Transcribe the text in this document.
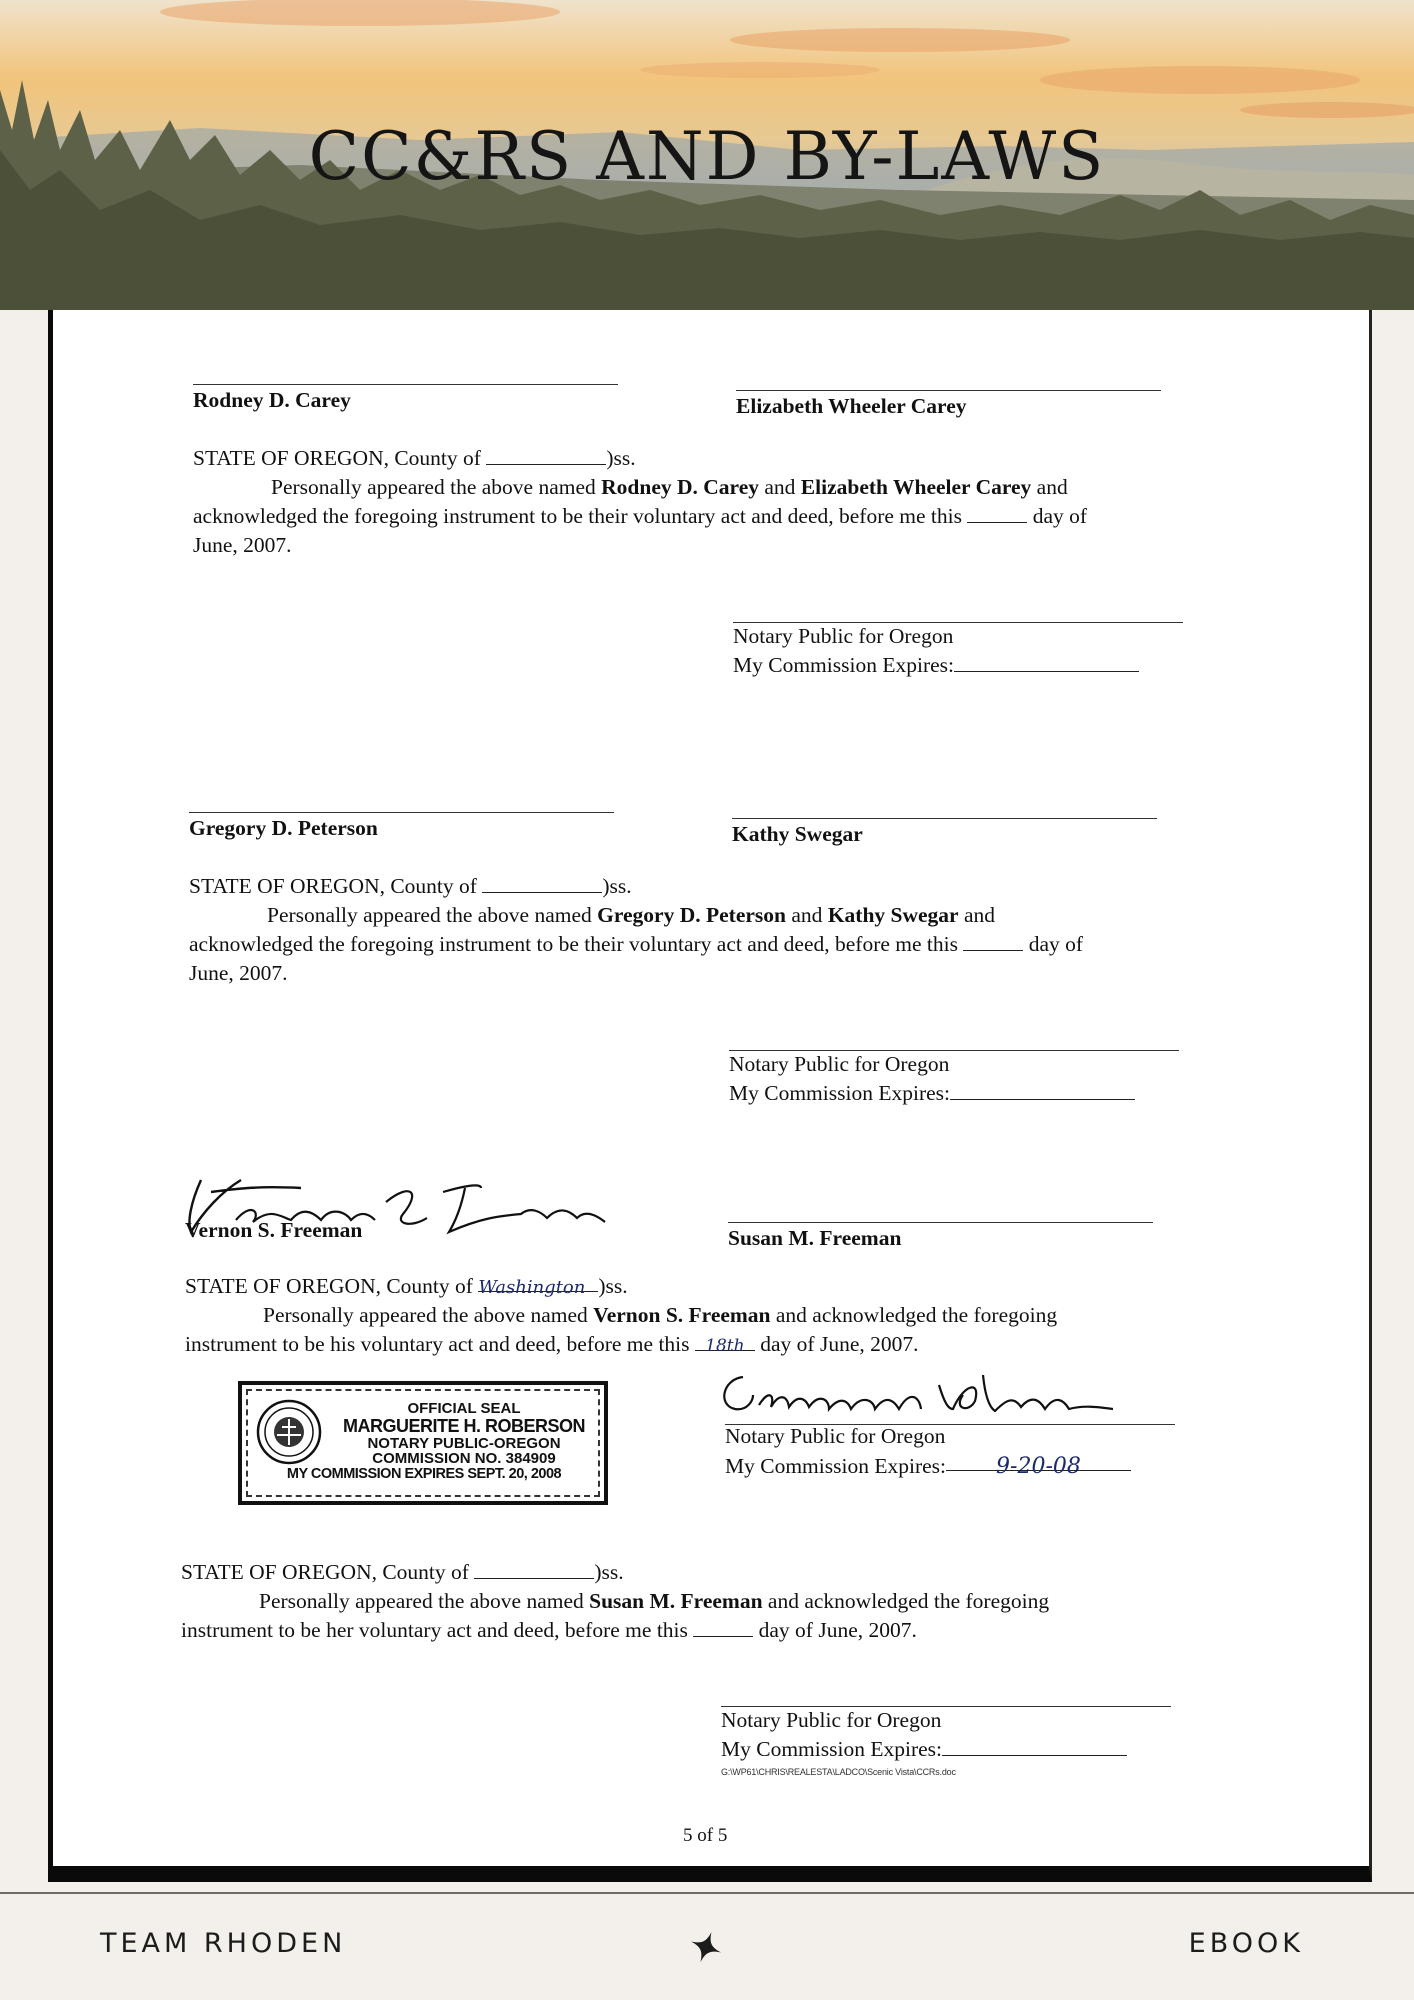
CC&RS AND BY-LAWS
Rodney D. Carey	Elizabeth Wheeler Carey
STATE OF OREGON, County of	)ss.
Personally appeared the above named Rodney D. Carey and Elizabeth Wheeler Carey and
acknowledged the foregoing instrument to be their voluntary act and deed, before me this	day of
June, 2007.
Notary Public for Oregon
My Commission Expires:
Gregory D. Peterson	Kathy Swegar
STATE OF OREGON, County of	)ss.
Personally appeared the above named Gregory D. Peterson and Kathy Swegar and
acknowledged the foregoing instrument to be their voluntary act and deed, before me this	day of
June, 2007.
Notary Public for Oregon
My Commission Expires:
Vernon S. Freeman	Susan M. Freeman
STATE OF OREGON, County of Washington )ss.
Personally appeared the above named Vernon S. Freeman and acknowledged the foregoing
instrument to be his voluntary act and deed, before me this 18th day of June, 2007.
OFFICIAL SEAL
MARGUERITE H. ROBERSON
NOTARY PUBLIC-OREGON
COMMISSION NO. 384909
MY COMMISSION EXPIRES SEPT. 20, 2008
Notary Public for Oregon
My Commission Expires: 9-20-08
STATE OF OREGON, County of	)ss.
Personally appeared the above named Susan M. Freeman and acknowledged the foregoing
instrument to be her voluntary act and deed, before me this	day of June, 2007.
Notary Public for Oregon
My Commission Expires:
G:\WP61\CHRIS\REALESTA\LADCO\Scenic Vista\CCRs.doc
5 of 5
TEAM RHODEN	EBOOK
